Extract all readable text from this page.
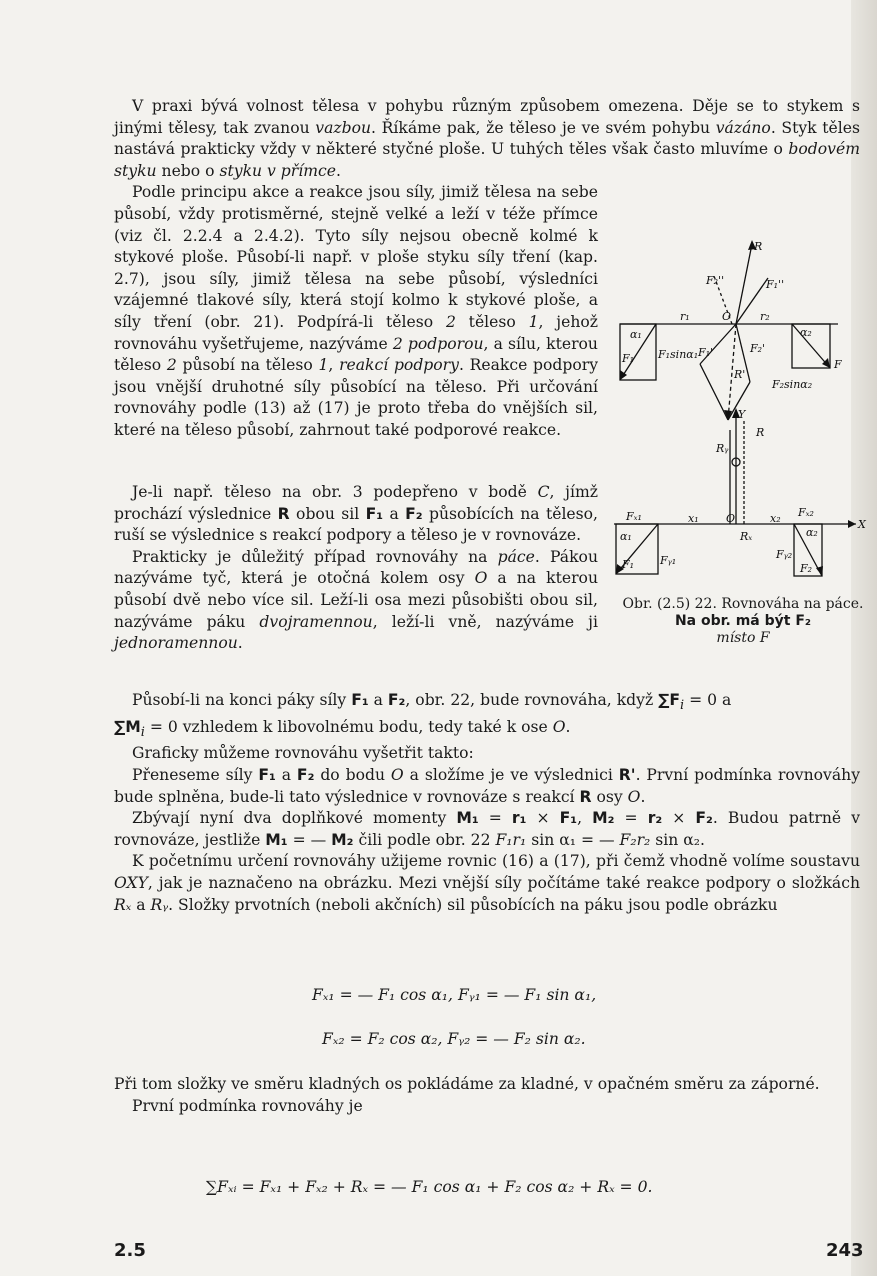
V praxi bývá volnost tělesa v pohybu různým způsobem omezena. Děje se to stykem s jinými tělesy, tak zvanou vazbou. Říkáme pak, že těleso je ve svém pohybu vázáno. Styk těles nastává prakticky vždy v některé styčné ploše. U tuhých těles však často mluvíme o bodovém styku nebo o styku v přímce.

Podle principu akce a reakce jsou síly, jimiž tělesa na sebe působí, vždy protisměrné, stejně velké a leží v téže přímce (viz čl. 2.2.4 a 2.4.2). Tyto síly nejsou obecně kolmé k stykové ploše. Působí-li např. v ploše styku síly tření (kap. 2.7), jsou síly, jimiž tělesa na sebe působí, výsledníci vzájemné tlakové síly, která stojí kolmo k stykové ploše, a síly tření (obr. 21). Podpírá-li těleso 2 těleso 1, jehož rovnováhu vyšetřujeme, nazýváme 2 podporou, a sílu, kterou těleso 2 působí na těleso 1, reakcí podpory. Reakce podpory jsou vnější druhotné síly působící na těleso. Při určování rovnováhy podle (13) až (17) je proto třeba do vnějších sil, které na těleso působí, zahrnout také podporové reakce.

R
F₂''	F₁''
r₁	O	r₂
α₁	α₂
F₁ F₁sinα₁ F₁'	F₂'
F
R'
F₂sinα₂
Y
R
Rᵧ
Fₓ₁	x₁ O	x₂ Fₓ₂
X
Rₓ
α₁	α₂
F₁ Fᵧ₁	Fᵧ₂
F₂
Obr. (2.5) 22. Rovnováha na páce. Na obr. má být F₂
místo F

Je-li např. těleso na obr. 3 podepřeno v bodě C, jímž prochází výslednice R obou sil F₁ a F₂ působících na těleso, ruší se výslednice s reakcí podpory a těleso je v rovnováze.

Prakticky je důležitý případ rovnováhy na páce. Pákou nazýváme tyč, která je otočná kolem osy O a na kterou působí dvě nebo více sil. Leží-li osa mezi působišti obou sil, nazýváme páku dvojramennou, leží-li vně, nazýváme ji jednoramennou.

Působí-li na konci páky síly F₁ a F₂, obr. 22, bude rovnováha, když $\sum F_i = 0$ a
$\sum M_i = 0$ vzhledem k libovolnému bodu, tedy také k ose O.

Graficky můžeme rovnováhu vyšetřit takto:

Přeneseme síly F₁ a F₂ do bodu O a složíme je ve výslednici R'. První podmínka rovnováhy bude splněna, bude-li tato výslednice v rovnováze s reakcí R osy O.

Zbývají nyní dva doplňkové momenty M₁ = r₁ × F₁, M₂ = r₂ × F₂. Budou patrně v rovnováze, jestliže M₁ = — M₂ čili podle obr. 22 F₁r₁ sin α₁ = — F₂r₂ sin α₂.

K početnímu určení rovnováhy užijeme rovnic (16) a (17), při čemž vhodně volíme soustavu OXY, jak je naznačeno na obrázku. Mezi vnější síly počítáme také reakce podpory o složkách Rₓ a Rᵧ. Složky prvotních (neboli akčních) sil působících na páku jsou podle obrázku

Fₓ₁ = — F₁ cos α₁, Fᵧ₁ = — F₁ sin α₁,
Fₓ₂ = F₂ cos α₂, Fᵧ₂ = — F₂ sin α₂.

Při tom složky ve směru kladných os pokládáme za kladné, v opačném směru za záporné.

První podmínka rovnováhy je

∑Fₓᵢ = Fₓ₁ + Fₓ₂ + Rₓ = — F₁ cos α₁ + F₂ cos α₂ + Rₓ = 0.
2.5	243
